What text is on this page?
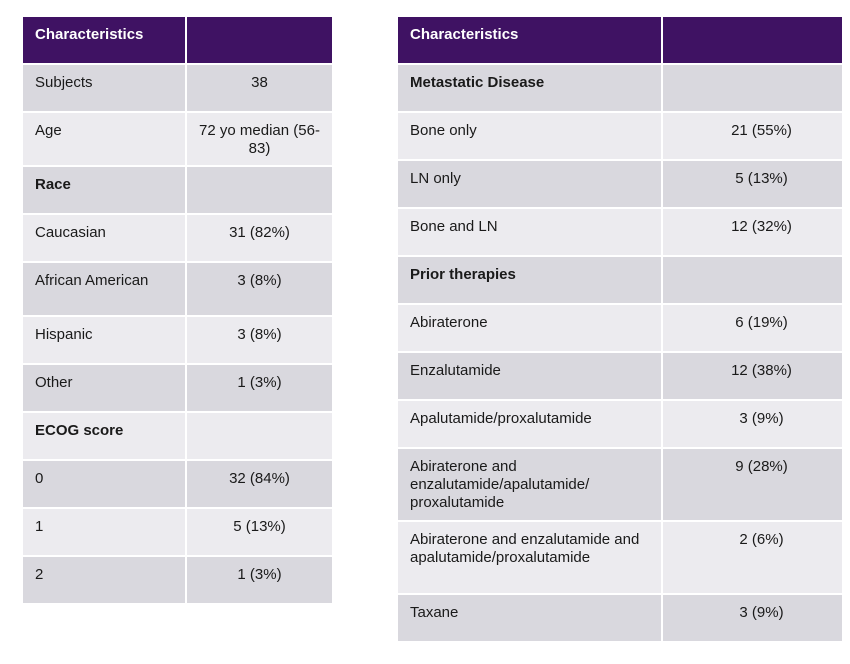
Characteristics	
Subjects	38
Age	72 yo median (56-83)
Race	
Caucasian	31 (82%)
African American	3 (8%)
Hispanic	3 (8%)
Other	1 (3%)
ECOG score	
0	32 (84%)
1	5 (13%)
2	1 (3%)
Characteristics	
Metastatic Disease	
Bone only	21 (55%)
LN only	5 (13%)
Bone and LN	12 (32%)
Prior therapies	
Abiraterone	6 (19%)
Enzalutamide	12 (38%)
Apalutamide/proxalutamide	3 (9%)
Abiraterone and enzalutamide/apalutamide/ proxalutamide	9 (28%)
Abiraterone and enzalutamide and apalutamide/proxalutamide	2 (6%)
Taxane	3 (9%)
